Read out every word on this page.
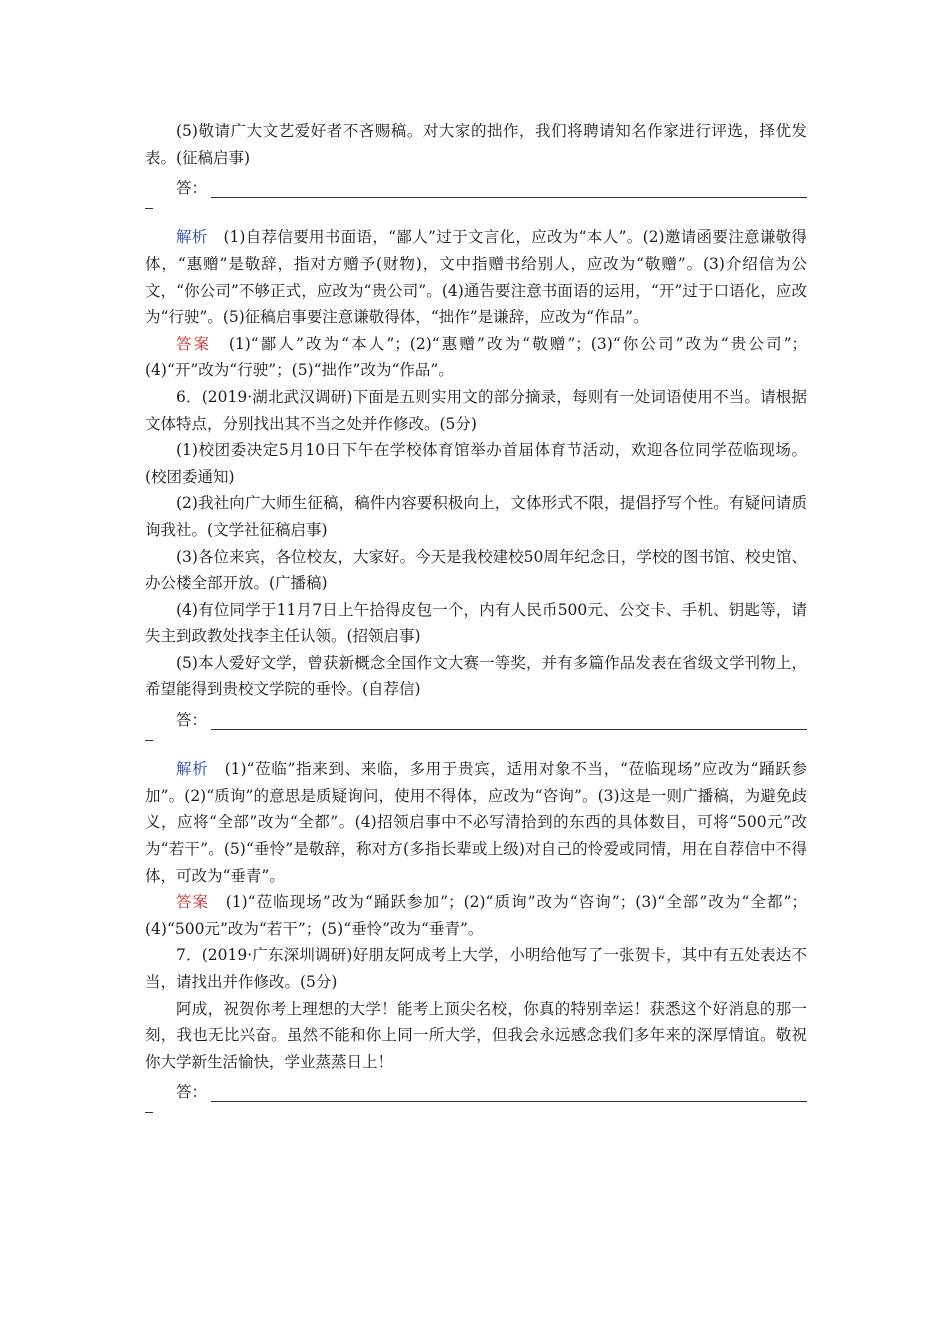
(5)敬请广大文艺爱好者不吝赐稿。对大家的拙作，我们将聘请知名作家进行评选，择优发表。(征稿启事)

答：

解析　 (1)自荐信要用书面语，“鄙人”过于文言化，应改为“本人”。(2)邀请函要注意谦敬得体，“惠赠”是敬辞，指对方赠予(财物)，文中指赠书给别人，应改为“敬赠”。(3)介绍信为公文，“你公司”不够正式，应改为“贵公司”。(4)通告要注意书面语的运用，“开”过于口语化，应改为“行驶”。(5)征稿启事要注意谦敬得体，“拙作”是谦辞，应改为“作品”。

答案　 (1)“鄙人”改为“本人”；(2)“惠赠”改为“敬赠”；(3)“你公司”改为“贵公司”；(4)“开”改为“行驶”；(5)“拙作”改为“作品”。

6．(2019·湖北武汉调研)下面是五则实用文的部分摘录，每则有一处词语使用不当。请根据文体特点，分别找出其不当之处并作修改。(5分)

(1)校团委决定5月10日下午在学校体育馆举办首届体育节活动，欢迎各位同学莅临现场。(校团委通知)

(2)我社向广大师生征稿，稿件内容要积极向上，文体形式不限，提倡抒写个性。有疑问请质询我社。(文学社征稿启事)

(3)各位来宾，各位校友，大家好。今天是我校建校50周年纪念日，学校的图书馆、校史馆、办公楼全部开放。(广播稿)

(4)有位同学于11月7日上午拾得皮包一个，内有人民币500元、公交卡、手机、钥匙等，请失主到政教处找李主任认领。(招领启事)

(5)本人爱好文学，曾获新概念全国作文大赛一等奖，并有多篇作品发表在省级文学刊物上，希望能得到贵校文学院的垂怜。(自荐信)

答：

解析　 (1)“莅临”指来到、来临，多用于贵宾，适用对象不当，“莅临现场”应改为“踊跃参加”。(2)“质询”的意思是质疑询问，使用不得体，应改为“咨询”。(3)这是一则广播稿，为避免歧义，应将“全部”改为“全都”。(4)招领启事中不必写清拾到的东西的具体数目，可将“500元”改为“若干”。(5)“垂怜”是敬辞，称对方(多指长辈或上级)对自己的怜爱或同情，用在自荐信中不得体，可改为“垂青”。

答案　 (1)“莅临现场”改为“踊跃参加”；(2)“质询”改为“咨询”；(3)“全部”改为“全都”；(4)“500元”改为“若干”；(5)“垂怜”改为“垂青”。

7．(2019·广东深圳调研)好朋友阿成考上大学，小明给他写了一张贺卡，其中有五处表达不当，请找出并作修改。(5分)

阿成，祝贺你考上理想的大学！能考上顶尖名校，你真的特别幸运！获悉这个好消息的那一刻，我也无比兴奋。虽然不能和你上同一所大学，但我会永远感念我们多年来的深厚情谊。敬祝你大学新生活愉快，学业蒸蒸日上！

答：
